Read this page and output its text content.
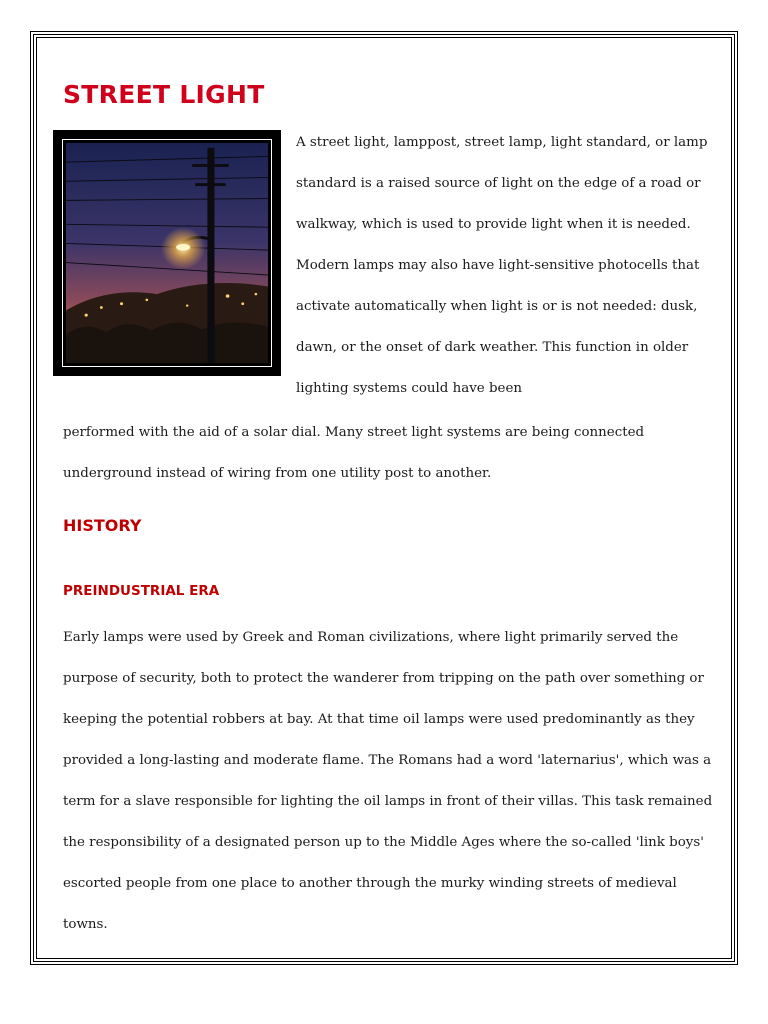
STREET LIGHT

A street light, lamppost, street lamp, light standard, or lamp standard is a raised source of light on the edge of a road or walkway, which is used to provide light when it is needed. Modern lamps may also have light-sensitive photocells that activate automatically when light is or is not needed: dusk, dawn, or the onset of dark weather. This function in older lighting systems could have been

performed with the aid of a solar dial. Many street light systems are being connected underground instead of wiring from one utility post to another.

HISTORY
PREINDUSTRIAL ERA

Early lamps were used by Greek and Roman civilizations, where light primarily served the purpose of security, both to protect the wanderer from tripping on the path over something or keeping the potential robbers at bay. At that time oil lamps were used predominantly as they provided a long-lasting and moderate flame. The Romans had a word 'laternarius', which was a term for a slave responsible for lighting the oil lamps in front of their villas. This task remained the responsibility of a designated person up to the Middle Ages where the so-called 'link boys' escorted people from one place to another through the murky winding streets of medieval towns.
